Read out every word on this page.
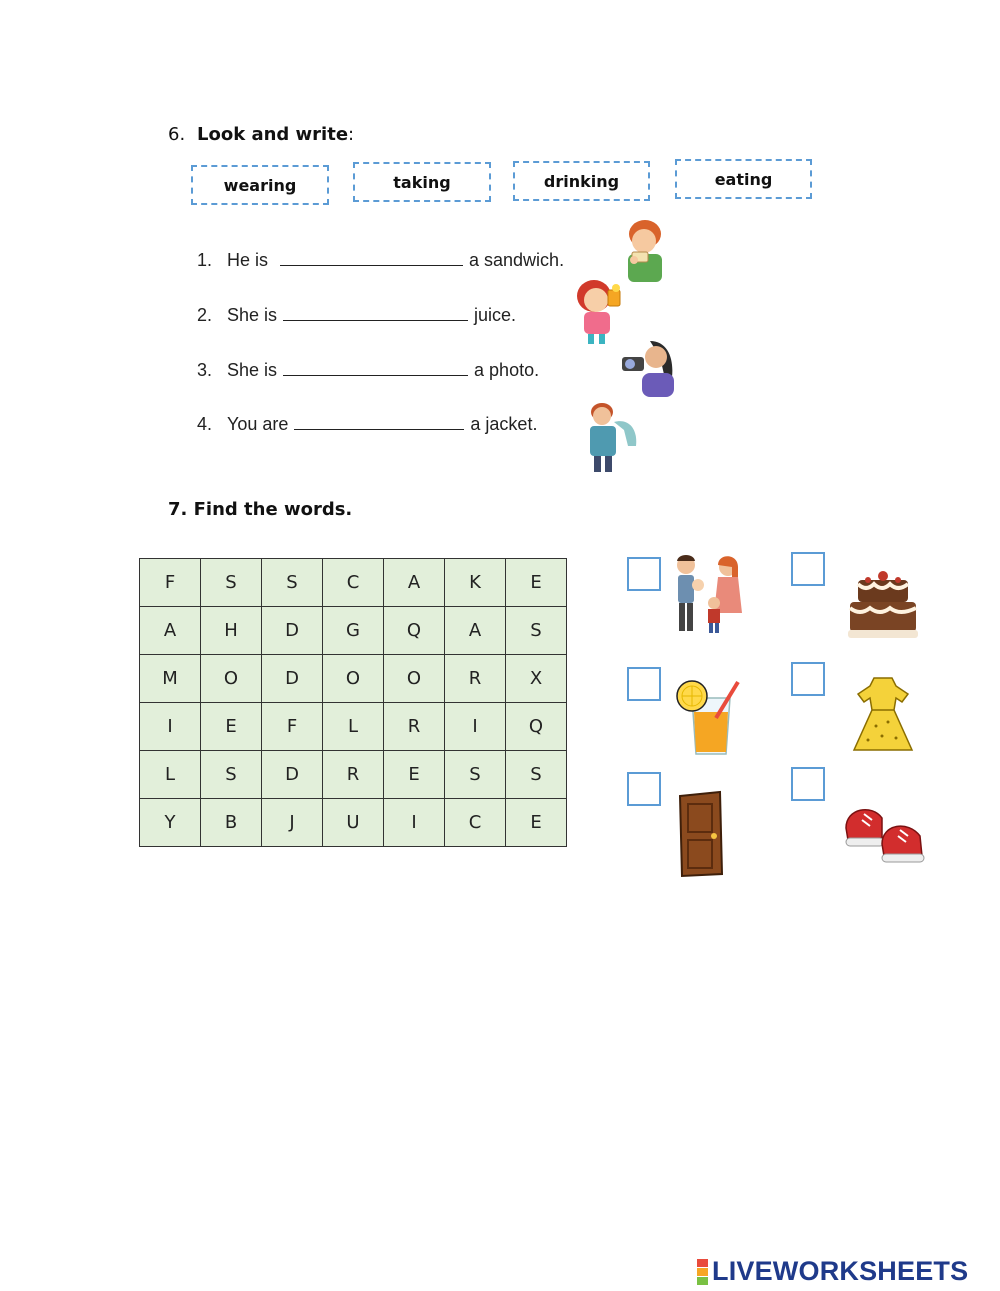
6. Look and write:
wearing	taking	drinking	eating
1. He is	a sandwich.
2. She is	juice.
3. She is	a photo.
4. You are	a jacket.
7. Find the words.
F	S	S	C	A	K	E
A	H	D	G	Q	A	S
M	O	D	O	O	R	X
I	E	F	L	R	I	Q
L	S	D	R	E	S	S
Y	B	J	U	I	C	E
LIVEWORKSHEETS
